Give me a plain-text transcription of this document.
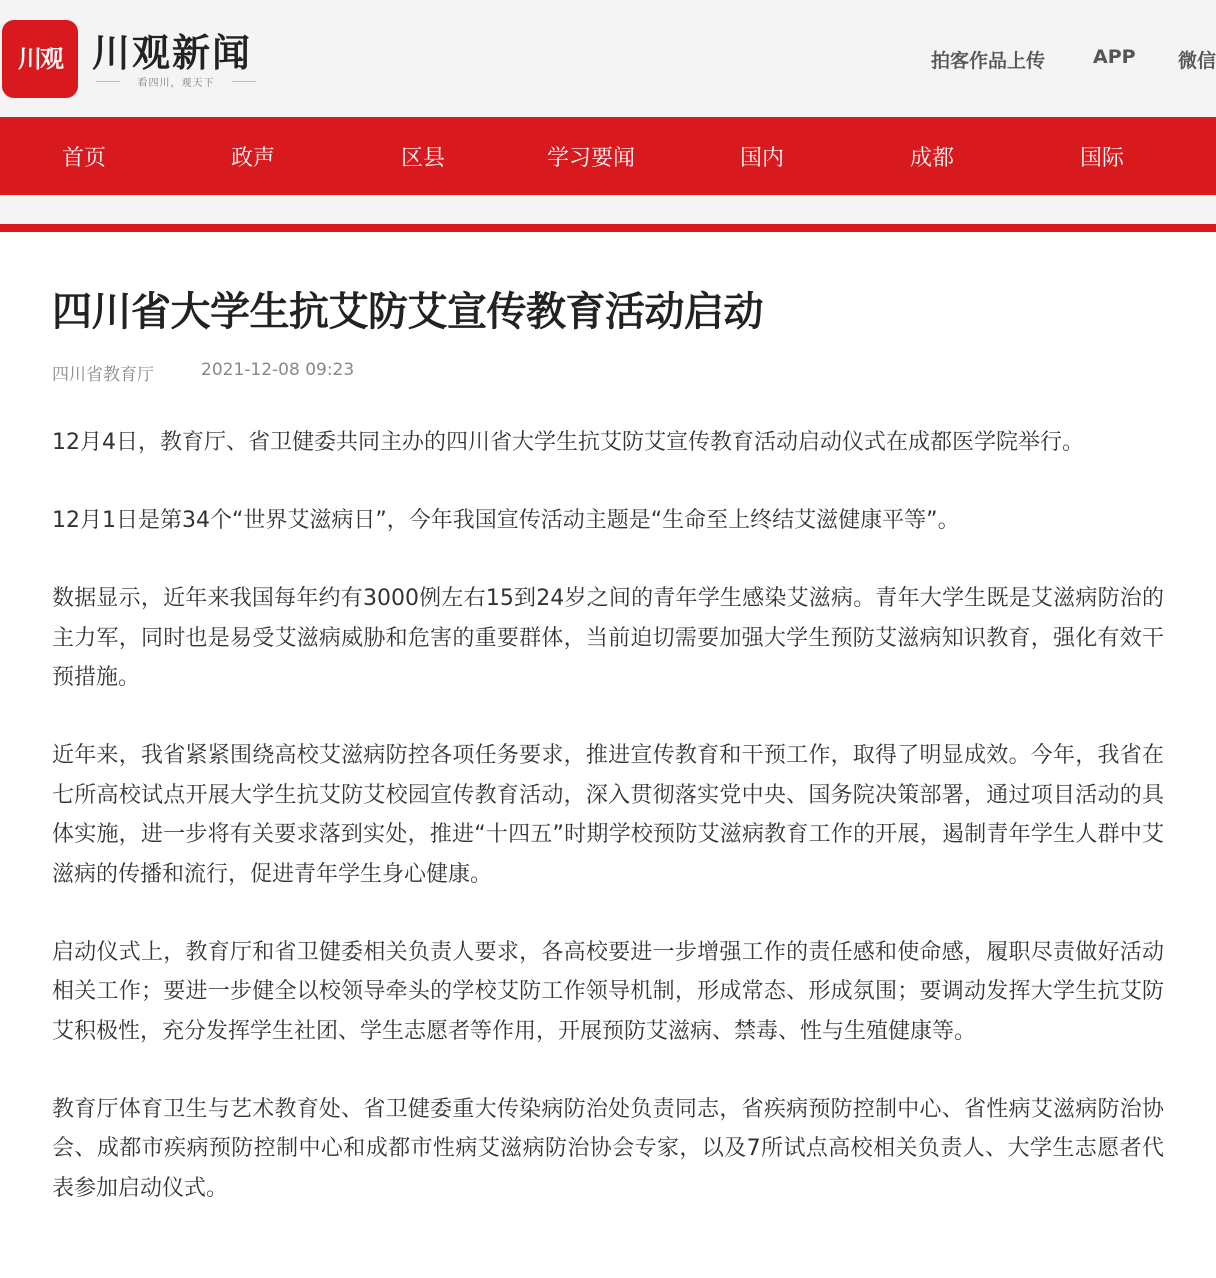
川观 川观新闻
看四川，观天下
拍客作品上传	APP 微信
首页	政声	区县	学习要闻	国内	成都	国际
四川省大学生抗艾防艾宣传教育活动启动
四川省教育厅	2021-12-08 09:23

12月4日，教育厅、省卫健委共同主办的四川省大学生抗艾防艾宣传教育活动启动仪式在成都医学院举行。

12月1日是第34个“世界艾滋病日”，今年我国宣传活动主题是“生命至上终结艾滋健康平等”。

数据显示，近年来我国每年约有3000例左右15到24岁之间的青年学生感染艾滋病。青年大学生既是艾滋病防治的主力军，同时也是易受艾滋病威胁和危害的重要群体，当前迫切需要加强大学生预防艾滋病知识教育，强化有效干预措施。

近年来，我省紧紧围绕高校艾滋病防控各项任务要求，推进宣传教育和干预工作，取得了明显成效。今年，我省在七所高校试点开展大学生抗艾防艾校园宣传教育活动，深入贯彻落实党中央、国务院决策部署，通过项目活动的具体实施，进一步将有关要求落到实处，推进“十四五”时期学校预防艾滋病教育工作的开展，遏制青年学生人群中艾滋病的传播和流行，促进青年学生身心健康。

启动仪式上，教育厅和省卫健委相关负责人要求，各高校要进一步增强工作的责任感和使命感，履职尽责做好活动相关工作；要进一步健全以校领导牵头的学校艾防工作领导机制，形成常态、形成氛围；要调动发挥大学生抗艾防艾积极性，充分发挥学生社团、学生志愿者等作用，开展预防艾滋病、禁毒、性与生殖健康等。

教育厅体育卫生与艺术教育处、省卫健委重大传染病防治处负责同志，省疾病预防控制中心、省性病艾滋病防治协会、成都市疾病预防控制中心和成都市性病艾滋病防治协会专家，以及7所试点高校相关负责人、大学生志愿者代表参加启动仪式。
